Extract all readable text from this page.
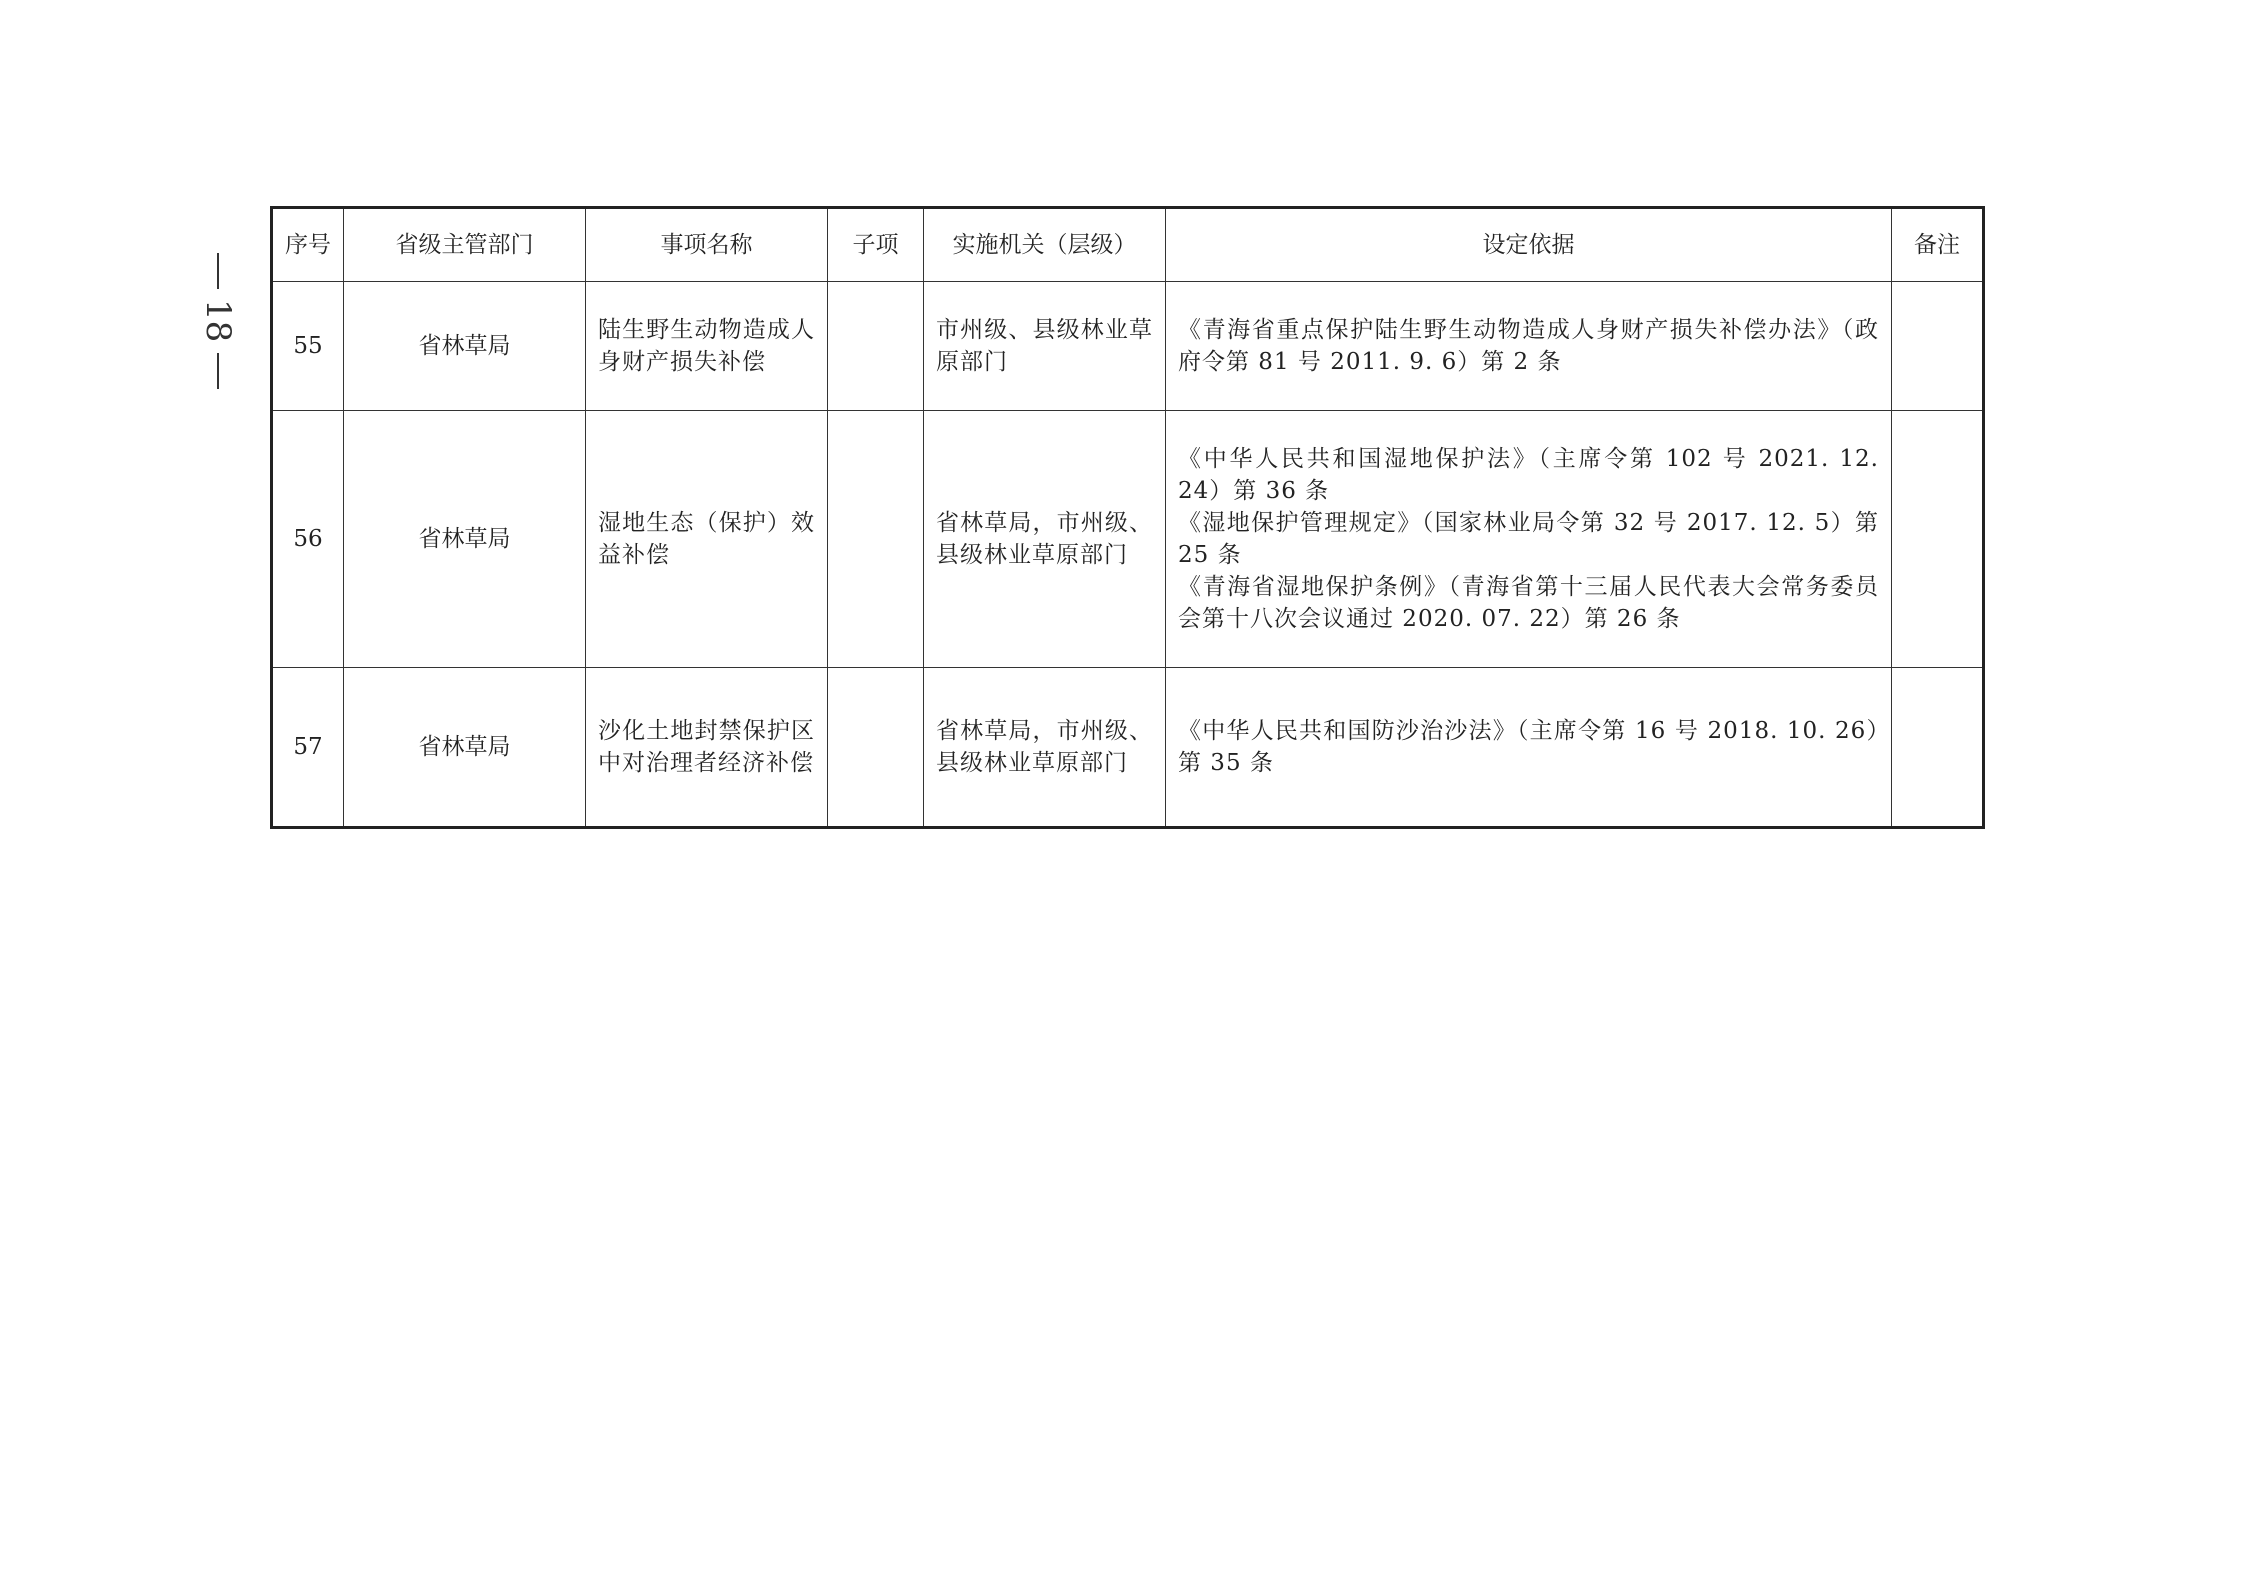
18
序号	省级主管部门	事项名称	子项	实施机关（层级）	设定依据	备注
55	省林草局	陆生野生动物造成人身财产损失补偿		市州级、县级林业草原部门	《青海省重点保护陆生野生动物造成人身财产损失补偿办法》（政府令第 81 号 2011. 9. 6）第 2 条	

56	省林草局	湿地生态（保护）效益补偿		省林草局，市州级、县级林业草原部门	《中华人民共和国湿地保护法》（主席令第 102 号 2021. 12. 24）第 36 条
《湿地保护管理规定》（国家林业局令第 32 号 2017. 12. 5）第 25 条
《青海省湿地保护条例》（青海省第十三届人民代表大会常务委员会第十八次会议通过 2020. 07. 22）第 26 条	

57	省林草局	沙化土地封禁保护区中对治理者经济补偿		省林草局，市州级、县级林业草原部门	《中华人民共和国防沙治沙法》（主席令第 16 号 2018. 10. 26）第 35 条	
